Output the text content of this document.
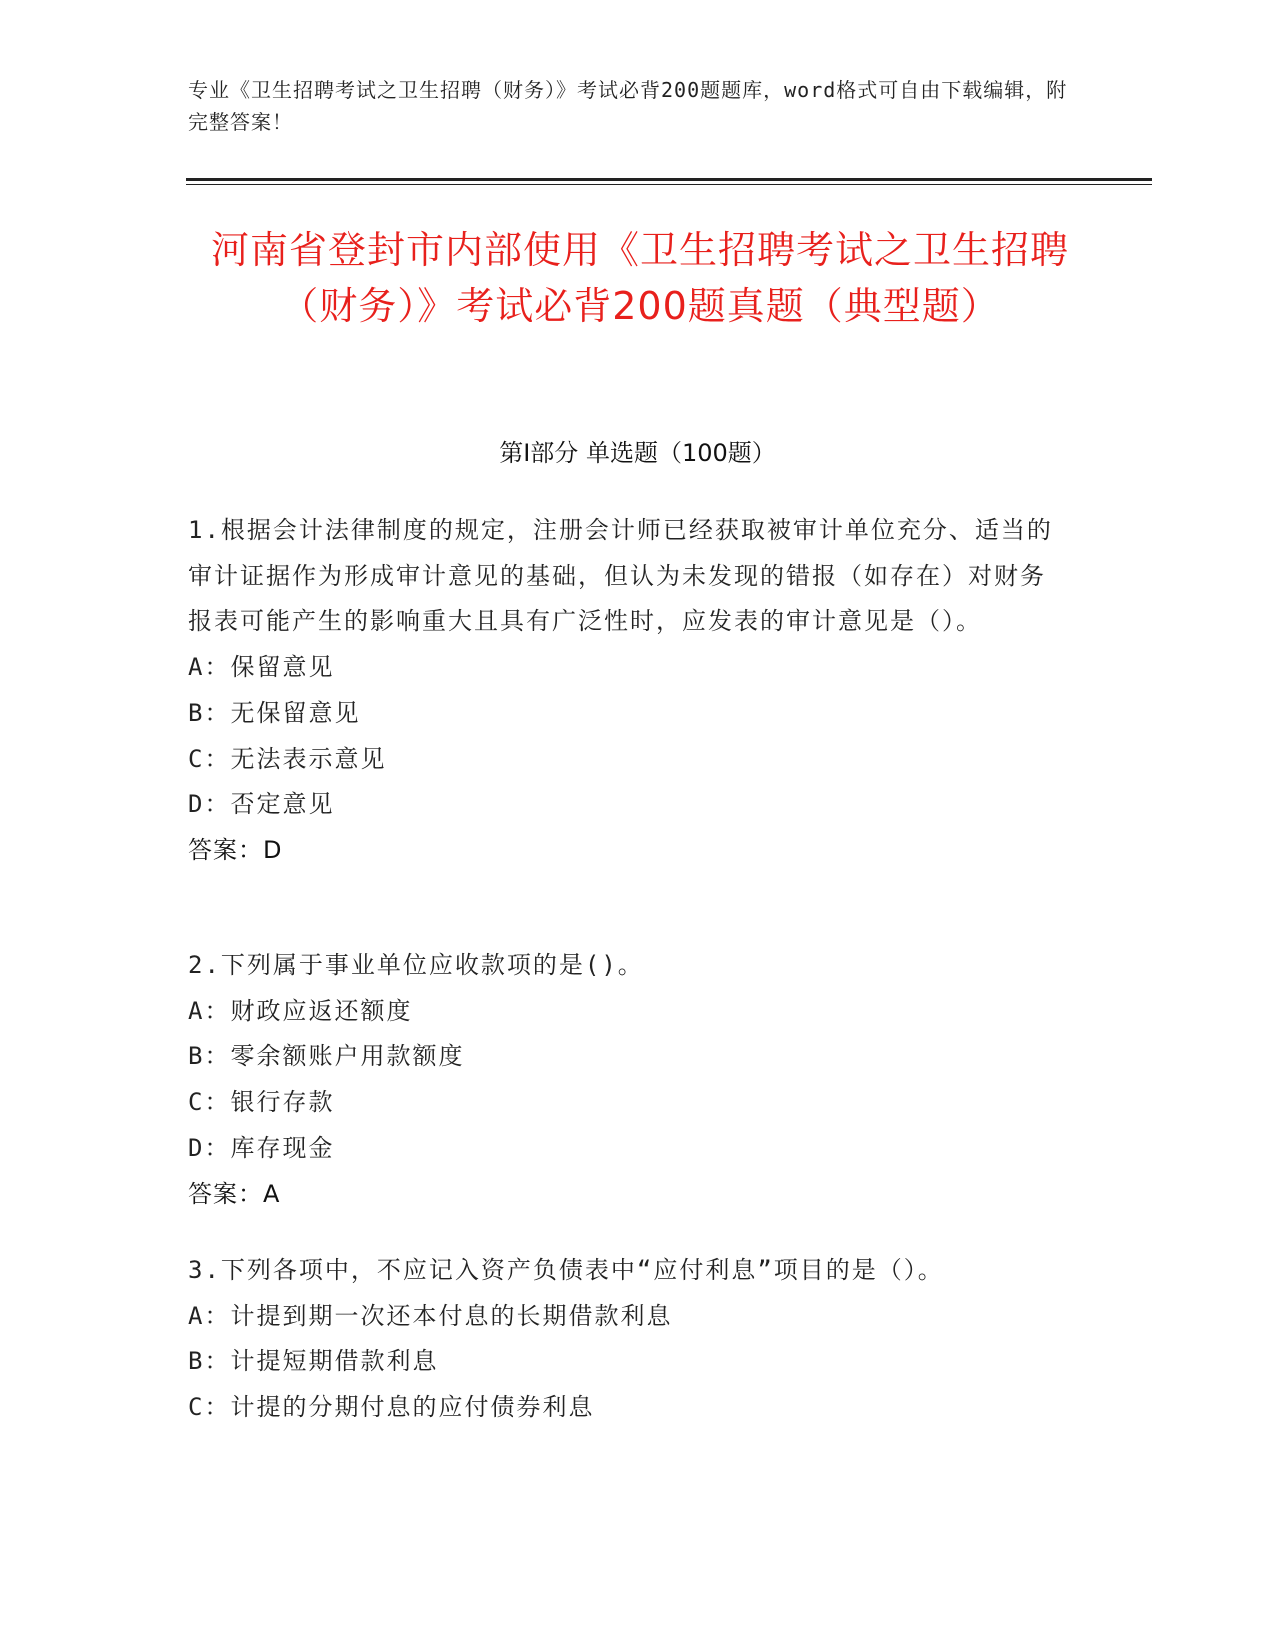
专业《卫生招聘考试之卫生招聘（财务）》考试必背200题题库，word格式可自由下载编辑，附完整答案！
河南省登封市内部使用《卫生招聘考试之卫生招聘（财务）》考试必背200题真题（典型题）
第Ⅰ部分 单选题（100题）

1.根据会计法律制度的规定，注册会计师已经获取被审计单位充分、适当的审计证据作为形成审计意见的基础，但认为未发现的错报（如存在）对财务报表可能产生的影响重大且具有广泛性时，应发表的审计意见是（）。

A：保留意见

B：无保留意见

C：无法表示意见

D：否定意见

答案：D

2.下列属于事业单位应收款项的是()。

A：财政应返还额度

B：零余额账户用款额度

C：银行存款

D：库存现金

答案：A

3.下列各项中，不应记入资产负债表中“应付利息”项目的是（）。

A：计提到期一次还本付息的长期借款利息

B：计提短期借款利息

C：计提的分期付息的应付债券利息
